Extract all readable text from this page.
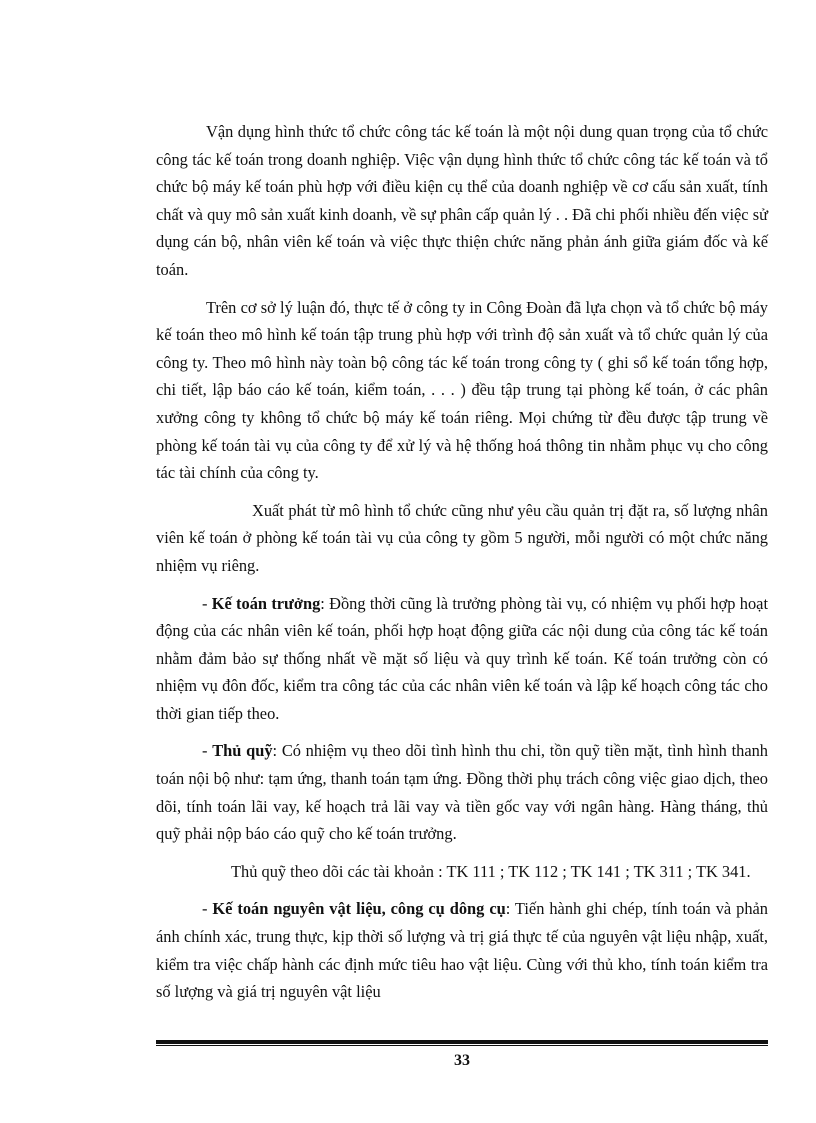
Vận dụng hình thức tổ chức công tác kế toán là một nội dung quan trọng của tổ chức công tác kế toán trong doanh nghiệp. Việc vận dụng hình thức tổ chức công tác kế toán và tổ chức bộ máy kế toán phù hợp với điều kiện cụ thể của doanh nghiệp về cơ cấu sản xuất, tính chất và quy mô sản xuất kinh doanh, về sự phân cấp quản lý . . Đã chi phối nhiều đến việc sử dụng cán bộ, nhân viên kế toán và việc thực thiện chức năng phản ánh giữa giám đốc và kế toán.

Trên cơ sở lý luận đó, thực tế ở công ty in Công Đoàn đã lựa chọn và tổ chức bộ máy kế toán theo mô hình kế toán tập trung phù hợp với trình độ sản xuất và tổ chức quản lý của công ty. Theo mô hình này toàn bộ công tác kế toán trong công ty ( ghi sổ kế toán tổng hợp, chi tiết, lập báo cáo kế toán, kiểm toán, . . . ) đều tập trung tại phòng kế toán, ở các phân xưởng công ty không tổ chức bộ máy kế toán riêng. Mọi chứng từ đều được tập trung về phòng kế toán tài vụ của công ty để xử lý và hệ thống hoá thông tin nhằm phục vụ cho công tác tài chính của công ty.

Xuất phát từ mô hình tổ chức cũng như yêu cầu quản trị đặt ra, số lượng nhân viên kế toán ở phòng kế toán tài vụ của công ty gồm 5 người, mỗi người có một chức năng nhiệm vụ riêng.

- Kế toán trưởng: Đồng thời cũng là trưởng phòng tài vụ, có nhiệm vụ phối hợp hoạt động của các nhân viên kế toán, phối hợp hoạt động giữa các nội dung của công tác kế toán nhằm đảm bảo sự thống nhất về mặt số liệu và quy trình kế toán. Kế toán trưởng còn có nhiệm vụ đôn đốc, kiểm tra công tác của các nhân viên kế toán và lập kế hoạch công tác cho thời gian tiếp theo.

- Thủ quỹ: Có nhiệm vụ theo dõi tình hình thu chi, tồn quỹ tiền mặt, tình hình thanh toán nội bộ như: tạm ứng, thanh toán tạm ứng. Đồng thời phụ trách công việc giao dịch, theo dõi, tính toán lãi vay, kế hoạch trả lãi vay và tiền gốc vay với ngân hàng. Hàng tháng, thủ quỹ phải nộp báo cáo quỹ cho kế toán trưởng.

Thủ quỹ theo dõi các tài khoản : TK 111 ; TK 112 ; TK 141 ; TK 311 ; TK 341.

- Kế toán nguyên vật liệu, công cụ dông cụ: Tiến hành ghi chép, tính toán và phản ánh chính xác, trung thực, kịp thời số lượng và trị giá thực tế của nguyên vật liệu nhập, xuất, kiểm tra việc chấp hành các định mức tiêu hao vật liệu. Cùng với thủ kho, tính toán kiểm tra số lượng và giá trị nguyên vật liệu

33
